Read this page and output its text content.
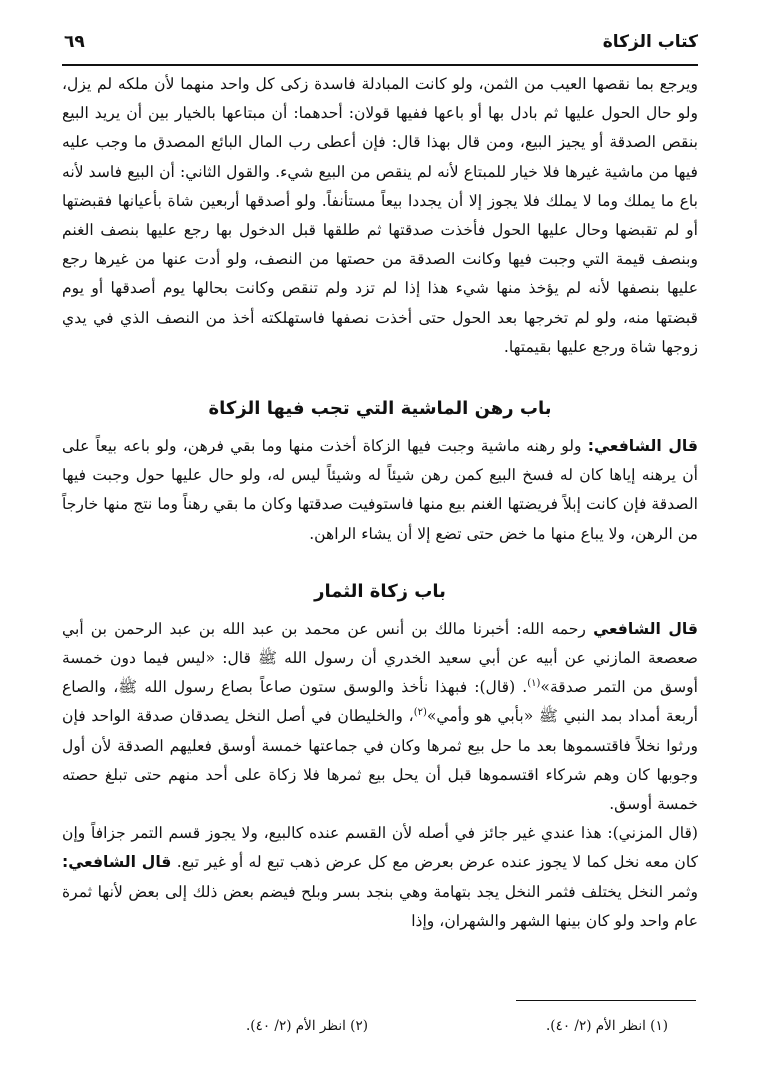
كتاب الزكاة
٦٩

ويرجع بما نقصها العيب من الثمن، ولو كانت المبادلة فاسدة زكى كل واحد منهما لأن ملكه لم يزل، ولو حال الحول عليها ثم بادل بها أو باعها ففيها قولان: أحدهما: أن مبتاعها بالخيار بين أن يريد البيع بنقص الصدقة أو يجيز البيع، ومن قال بهذا قال: فإن أعطى رب المال البائع المصدق ما وجب عليه فيها من ماشية غيرها فلا خيار للمبتاع لأنه لم ينقص من البيع شيء. والقول الثاني: أن البيع فاسد لأنه باع ما يملك وما لا يملك فلا يجوز إلا أن يجددا بيعاً مستأنفاً. ولو أصدقها أربعين شاة بأعيانها فقبضتها أو لم تقبضها وحال عليها الحول فأخذت صدقتها ثم طلقها قبل الدخول بها رجع عليها بنصف الغنم وبنصف قيمة التي وجبت فيها وكانت الصدقة من حصتها من النصف، ولو أدت عنها من غيرها رجع عليها بنصفها لأنه لم يؤخذ منها شيء هذا إذا لم تزد ولم تنقص وكانت بحالها يوم أصدقها أو يوم قبضتها منه، ولو لم تخرجها بعد الحول حتى أخذت نصفها فاستهلكته أخذ من النصف الذي في يدي زوجها شاة ورجع عليها بقيمتها.

باب رهن الماشية التي تجب فيها الزكاة

قال الشافعي: ولو رهنه ماشية وجبت فيها الزكاة أخذت منها وما بقي فرهن، ولو باعه بيعاً على أن يرهنه إياها كان له فسخ البيع كمن رهن شيئاً له وشيئاً ليس له، ولو حال عليها حول وجبت فيها الصدقة فإن كانت إبلاً فريضتها الغنم بيع منها فاستوفيت صدقتها وكان ما بقي رهناً وما نتج منها خارجاً من الرهن، ولا يباع منها ما خض حتى تضع إلا أن يشاء الراهن.

باب زكاة الثمار

قال الشافعي رحمه الله: أخبرنا مالك بن أنس عن محمد بن عبد الله بن عبد الرحمن بن أبي صعصعة المازني عن أبيه عن أبي سعيد الخدري أن رسول الله ﷺ قال: «ليس فيما دون خمسة أوسق من التمر صدقة»$^{(١)}$. (قال): فبهذا نأخذ والوسق ستون صاعاً بصاع رسول الله ﷺ، والصاع أربعة أمداد بمد النبي ﷺ «بأبي هو وأمي»$^{(٢)}$، والخليطان في أصل النخل يصدقان صدقة الواحد فإن ورثوا نخلاً فاقتسموها بعد ما حل بيع ثمرها وكان في جماعتها خمسة أوسق فعليهم الصدقة لأن أول وجوبها كان وهم شركاء اقتسموها قبل أن يحل بيع ثمرها فلا زكاة على أحد منهم حتى تبلغ حصته خمسة أوسق.

(قال المزني): هذا عندي غير جائز في أصله لأن القسم عنده كالبيع، ولا يجوز قسم التمر جزافاً وإن كان معه نخل كما لا يجوز عنده عرض بعرض مع كل عرض ذهب تبع له أو غير تبع. قال الشافعي: وثمر النخل يختلف فثمر النخل يجد بتهامة وهي بنجد بسر وبلح فيضم بعض ذلك إلى بعض لأنها ثمرة عام واحد ولو كان بينها الشهر والشهران، وإذا

(١) انظر الأم (٢/ ٤٠).
(٢) انظر الأم (٢/ ٤٠).
